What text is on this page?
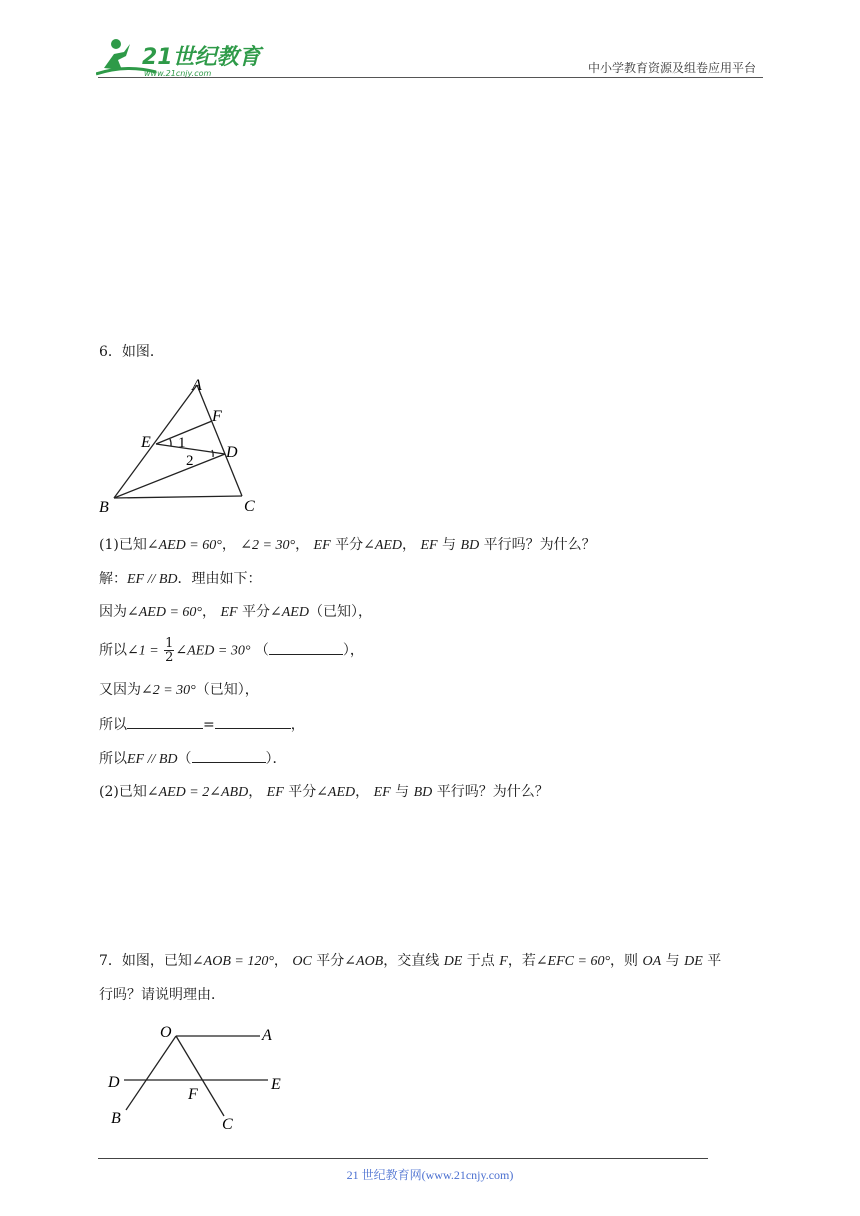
21世纪教育
www.21cnjy.com	中小学教育资源及组卷应用平台
6．如图．
A
F
E 1
D
2
B	C
(1)已知∠AED = 60°， ∠2 = 30°， EF 平分∠AED， EF 与 BD 平行吗？为什么？
解：EF // BD．理由如下：
因为∠AED = 60°， EF 平分∠AED（已知），
所以∠1 = $\frac{1}{2}$ ∠AED = 30° （	），
又因为∠2 = 30°（已知），
所以	=	，
所以EF // BD（	）．
(2)已知∠AED = 2∠ABD， EF 平分∠AED， EF 与 BD 平行吗？为什么？
7．如图，已知∠AOB = 120°， OC 平分∠AOB，交直线 DE 于点 F，若∠EFC = 60°，则 OA 与 DE 平
行吗？请说明理由．
O	A
D	E
F
B	C
21 世纪教育网(www.21cnjy.com)
